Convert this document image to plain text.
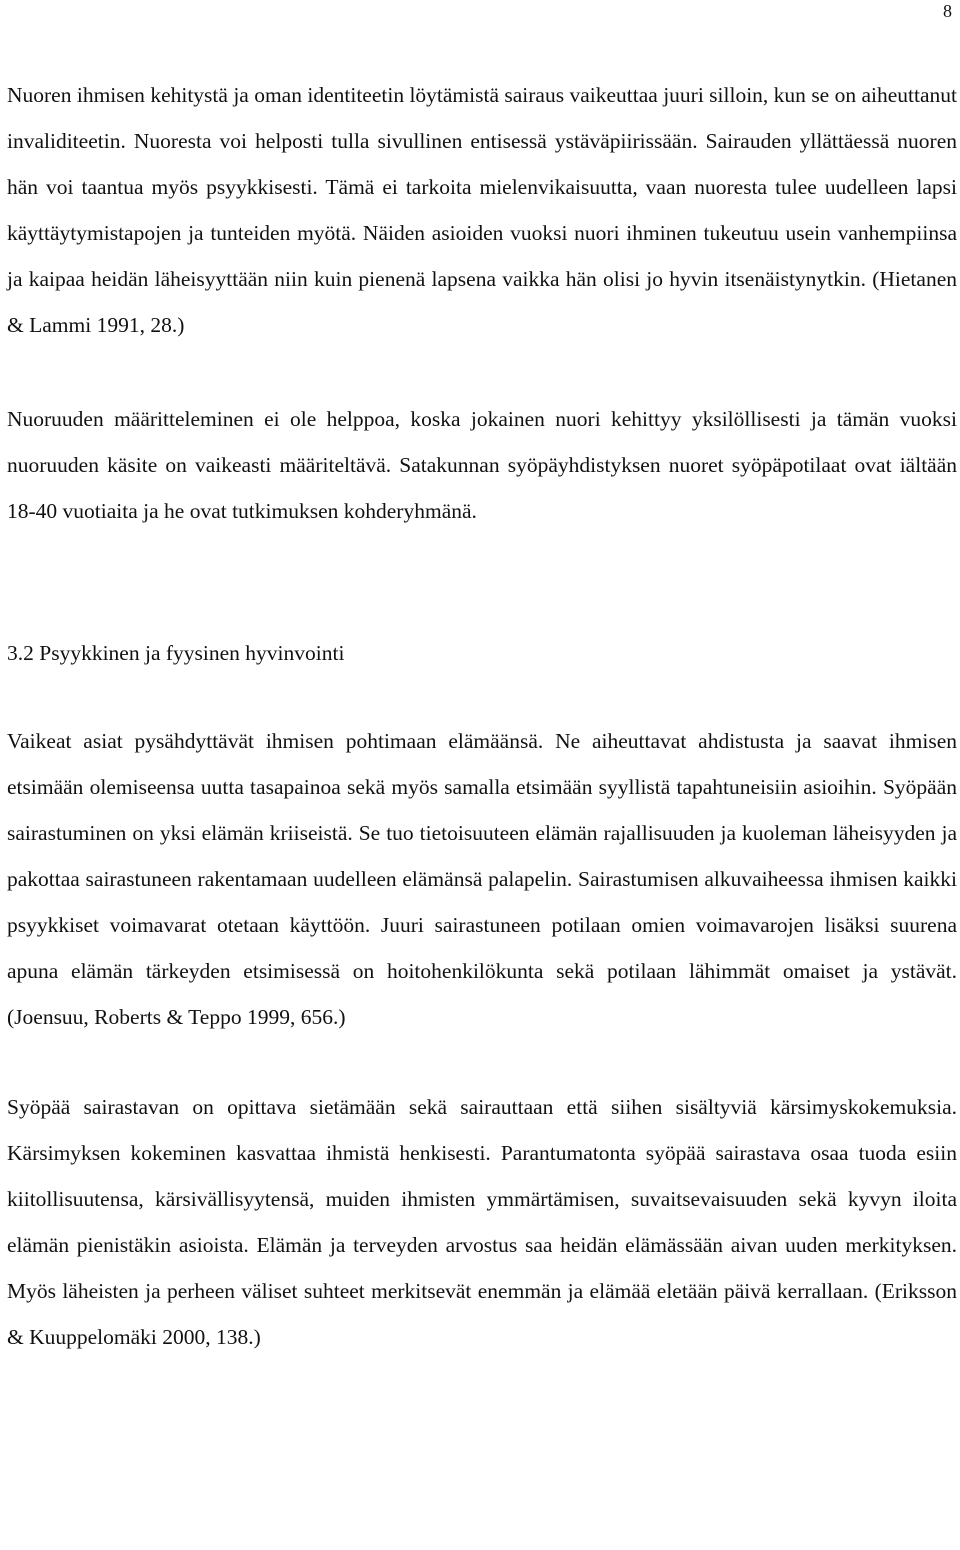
8

Nuoren ihmisen kehitystä ja oman identiteetin löytämistä sairaus vaikeuttaa juuri silloin, kun se on aiheuttanut invaliditeetin. Nuoresta voi helposti tulla sivullinen entisessä ystäväpiirissään. Sairauden yllättäessä nuoren hän voi taantua myös psyykkisesti. Tämä ei tarkoita mielenvikaisuutta, vaan nuoresta tulee uudelleen lapsi käyttäytymistapojen ja tunteiden myötä. Näiden asioiden vuoksi nuori ihminen tukeutuu usein vanhempiinsa ja kaipaa heidän läheisyyttään niin kuin pienenä lapsena vaikka hän olisi jo hyvin itsenäistynytkin. (Hietanen & Lammi 1991, 28.)

Nuoruuden määritteleminen ei ole helppoa, koska jokainen nuori kehittyy yksilöllisesti ja tämän vuoksi nuoruuden käsite on vaikeasti määriteltävä. Satakunnan syöpäyhdistyksen nuoret syöpäpotilaat ovat iältään 18-40 vuotiaita ja he ovat tutkimuksen kohderyhmänä.

3.2 Psyykkinen ja fyysinen hyvinvointi

Vaikeat asiat pysähdyttävät ihmisen pohtimaan elämäänsä. Ne aiheuttavat ahdistusta ja saavat ihmisen etsimään olemiseensa uutta tasapainoa sekä myös samalla etsimään syyllistä tapahtuneisiin asioihin. Syöpään sairastuminen on yksi elämän kriiseistä. Se tuo tietoisuuteen elämän rajallisuuden ja kuoleman läheisyyden ja pakottaa sairastuneen rakentamaan uudelleen elämänsä palapelin. Sairastumisen alkuvaiheessa ihmisen kaikki psyykkiset voimavarat otetaan käyttöön. Juuri sairastuneen potilaan omien voimavarojen lisäksi suurena apuna elämän tärkeyden etsimisessä on hoitohenkilökunta sekä potilaan lähimmät omaiset ja ystävät. (Joensuu, Roberts & Teppo 1999, 656.)

Syöpää sairastavan on opittava sietämään sekä sairauttaan että siihen sisältyviä kärsimyskokemuksia. Kärsimyksen kokeminen kasvattaa ihmistä henkisesti. Parantumatonta syöpää sairastava osaa tuoda esiin kiitollisuutensa, kärsivällisyytensä, muiden ihmisten ymmärtämisen, suvaitsevaisuuden sekä kyvyn iloita elämän pienistäkin asioista. Elämän ja terveyden arvostus saa heidän elämässään aivan uuden merkityksen. Myös läheisten ja perheen väliset suhteet merkitsevät enemmän ja elämää eletään päivä kerrallaan. (Eriksson & Kuuppelomäki 2000, 138.)
